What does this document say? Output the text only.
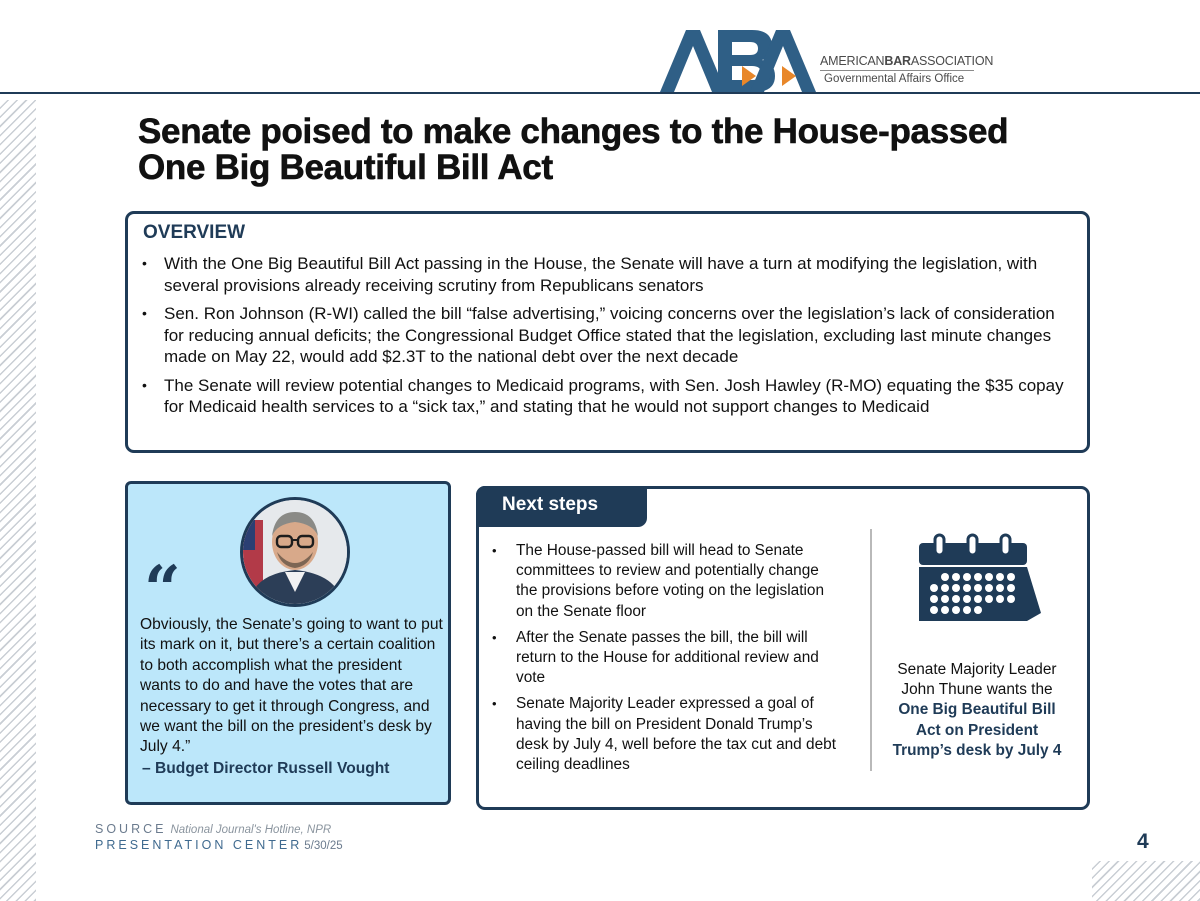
AMERICANBARASSOCIATION
Governmental Affairs Office
Senate poised to make changes to the House-passed One Big Beautiful Bill Act
OVERVIEW
• With the One Big Beautiful Bill Act passing in the House, the Senate will have a turn at modifying the legislation, with several provisions already receiving scrutiny from Republicans senators
• Sen. Ron Johnson (R-WI) called the bill “false advertising,” voicing concerns over the legislation’s lack of consideration for reducing annual deficits; the Congressional Budget Office stated that the legislation, excluding last minute changes made on May 22, would add $2.3T to the national debt over the next decade
• The Senate will review potential changes to Medicaid programs, with Sen. Josh Hawley (R-MO) equating the $35 copay for Medicaid health services to a “sick tax,” and stating that he would not support changes to Medicaid
“

Obviously, the Senate’s going to want to put its mark on it, but there’s a certain coalition to both accomplish what the president wants to do and have the votes that are necessary to get it through Congress, and we want the bill on the president’s desk by July 4.”

– Budget Director Russell Vought
Next steps
• The House-passed bill will head to Senate committees to review and potentially change the provisions before voting on the legislation on the Senate floor
• After the Senate passes the bill, the bill will return to the House for additional review and vote
• Senate Majority Leader expressed a goal of having the bill on President Donald Trump’s desk by July 4, well before the tax cut and debt ceiling deadlines

Senate Majority Leader John Thune wants the One Big Beautiful Bill Act on President Trump’s desk by July 4

SOURCE National Journal's Hotline, NPR
PRESENTATION CENTER 5/30/25	4
